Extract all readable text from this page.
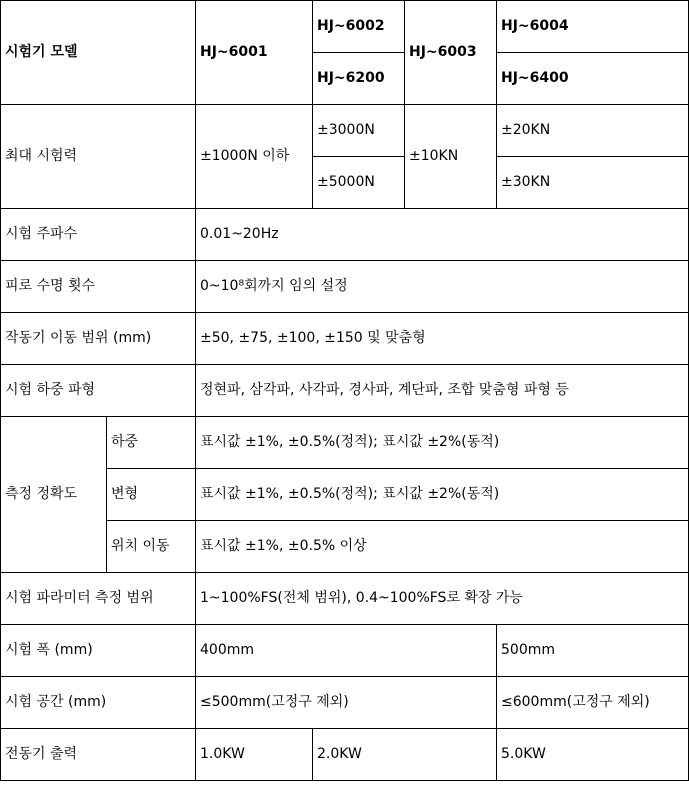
시험기 모델		HJ~6001	HJ~6002	HJ~6003	HJ~6004	
			HJ~6200		HJ~6400	
최대 시험력		±1000N 이하	±3000N	±10KN	±20KN	
			±5000N		±30KN	
시험 주파수		0.01~20Hz				
피로 수명 횟수		0~10⁸회까지 임의 설정				
작동기 이동 범위 (mm)		±50, ±75, ±100, ±150 및 맞춤형				
시험 하중 파형		정현파, 삼각파, 사각파, 경사파, 계단파, 조합 맞춤형 파형 등				
측정 정확도	하중	표시값 ±1%, ±0.5%(정적); 표시값 ±2%(동적)				
	변형	표시값 ±1%, ±0.5%(정적); 표시값 ±2%(동적)				
	위치 이동	표시값 ±1%, ±0.5% 이상				
시험 파라미터 측정 범위		1~100%FS(전체 범위), 0.4~100%FS로 확장 가능				
시험 폭 (mm)		400mm			500mm	
시험 공간 (mm)		≤500mm(고정구 제외)			≤600mm(고정구 제외)	
전동기 출력		1.0KW	2.0KW		5.0KW	
